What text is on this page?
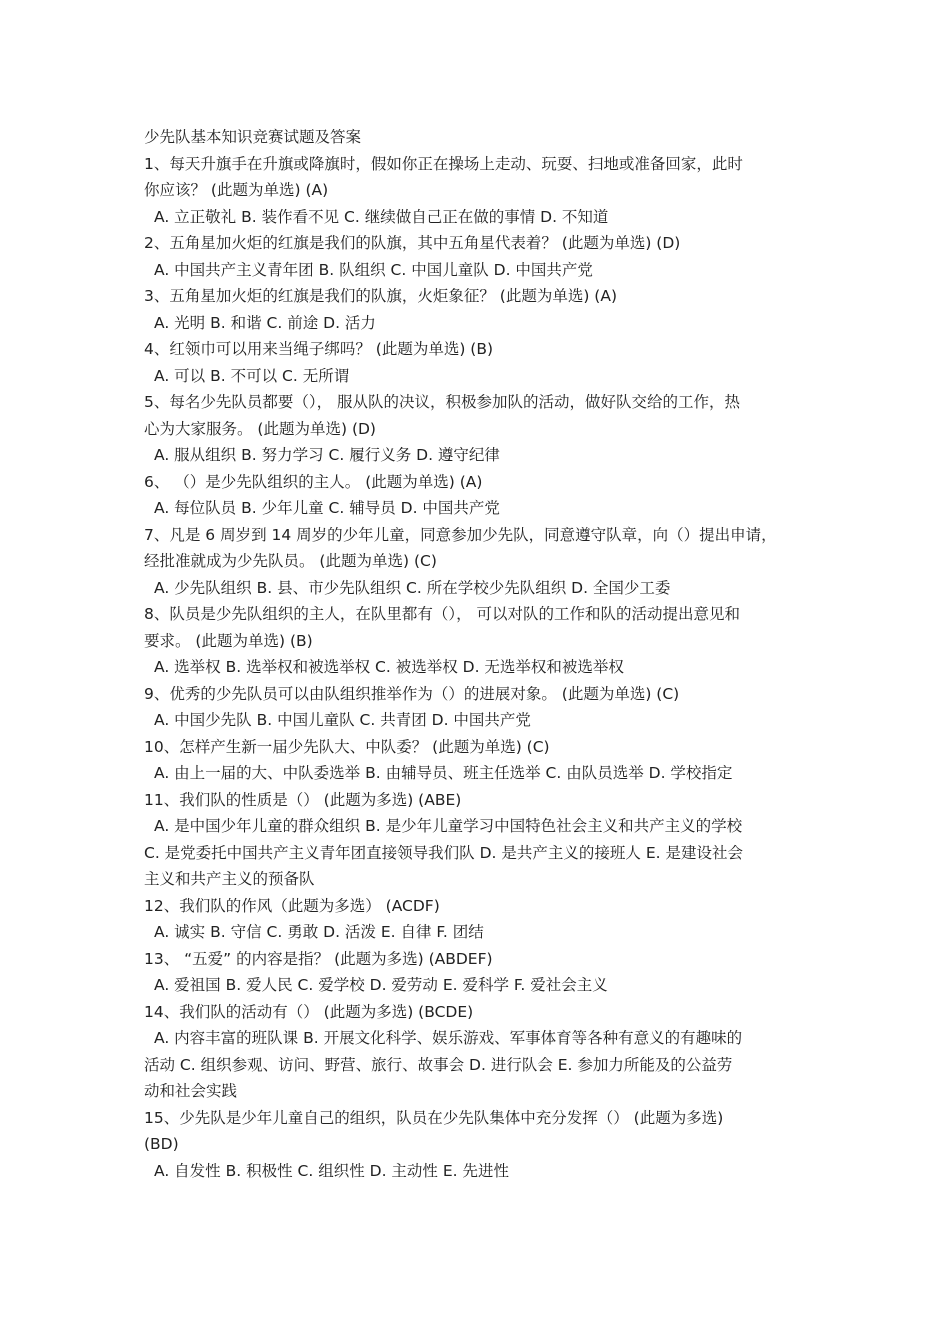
少先队基本知识竞赛试题及答案
1、每天升旗手在升旗或降旗时，假如你正在操场上走动、玩耍、扫地或准备回家，此时
你应该？ (此题为单选) (A)
A. 立正敬礼 B. 装作看不见 C. 继续做自己正在做的事情 D. 不知道
2、五角星加火炬的红旗是我们的队旗，其中五角星代表着？ (此题为单选) (D)
A. 中国共产主义青年团 B. 队组织 C. 中国儿童队 D. 中国共产党
3、五角星加火炬的红旗是我们的队旗，火炬象征？ (此题为单选) (A)
A. 光明 B. 和谐 C. 前途 D. 活力
4、红领巾可以用来当绳子绑吗？ (此题为单选) (B)
A. 可以 B. 不可以 C. 无所谓
5、每名少先队员都要（）， 服从队的决议，积极参加队的活动，做好队交给的工作，热
心为大家服务。 (此题为单选) (D)
A. 服从组织 B. 努力学习 C. 履行义务 D. 遵守纪律
6、 （）是少先队组织的主人。 (此题为单选) (A)
A. 每位队员 B. 少年儿童 C. 辅导员 D. 中国共产党
7、凡是 6 周岁到 14 周岁的少年儿童，同意参加少先队，同意遵守队章，向（）提出申请，
经批准就成为少先队员。 (此题为单选) (C)
A. 少先队组织 B. 县、市少先队组织 C. 所在学校少先队组织 D. 全国少工委
8、队员是少先队组织的主人，在队里都有（）， 可以对队的工作和队的活动提出意见和
要求。 (此题为单选) (B)
A. 选举权 B. 选举权和被选举权 C. 被选举权 D. 无选举权和被选举权
9、优秀的少先队员可以由队组织推举作为（）的进展对象。 (此题为单选) (C)
A. 中国少先队 B. 中国儿童队 C. 共青团 D. 中国共产党
10、怎样产生新一届少先队大、中队委？ (此题为单选) (C)
A. 由上一届的大、中队委选举 B. 由辅导员、班主任选举 C. 由队员选举 D. 学校指定
11、我们队的性质是（） (此题为多选) (ABE)
A. 是中国少年儿童的群众组织 B. 是少年儿童学习中国特色社会主义和共产主义的学校
C. 是党委托中国共产主义青年团直接领导我们队 D. 是共产主义的接班人 E. 是建设社会
主义和共产主义的预备队
12、我们队的作风（此题为多选） (ACDF)
A. 诚实 B. 守信 C. 勇敢 D. 活泼 E. 自律 F. 团结
13、 “五爱” 的内容是指？ (此题为多选) (ABDEF)
A. 爱祖国 B. 爱人民 C. 爱学校 D. 爱劳动 E. 爱科学 F. 爱社会主义
14、我们队的活动有（） (此题为多选) (BCDE)
A. 内容丰富的班队课 B. 开展文化科学、娱乐游戏、军事体育等各种有意义的有趣味的
活动 C. 组织参观、访问、野营、旅行、故事会 D. 进行队会 E. 参加力所能及的公益劳
动和社会实践
15、少先队是少年儿童自己的组织，队员在少先队集体中充分发挥（） (此题为多选)
(BD)
A. 自发性 B. 积极性 C. 组织性 D. 主动性 E. 先进性
